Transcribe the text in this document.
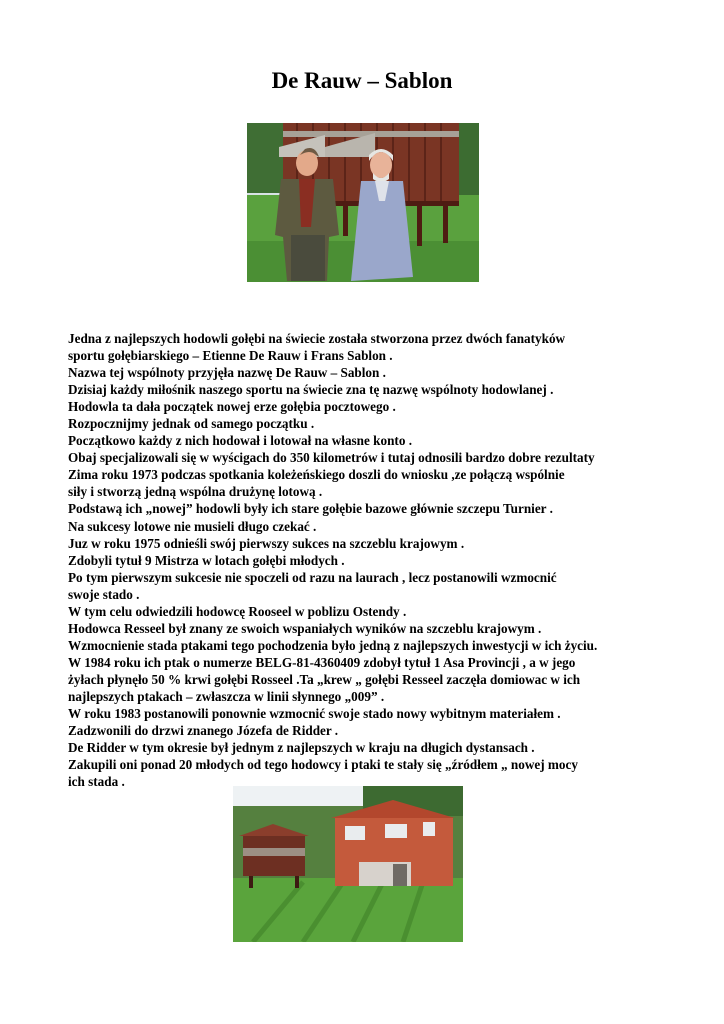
De Rauw – Sablon
Jedna z najlepszych hodowli gołębi na świecie została stworzona przez dwóch fanatyków
sportu gołębiarskiego – Etienne De Rauw i Frans Sablon .
Nazwa tej wspólnoty przyjęła nazwę De Rauw – Sablon .
Dzisiaj każdy miłośnik naszego sportu na świecie zna tę nazwę wspólnoty hodowlanej .
Hodowla ta dała początek nowej erze gołębia pocztowego .
Rozpocznijmy jednak od samego początku .
Początkowo każdy z nich hodował i lotował na własne konto .
Obaj specjalizowali się w wyścigach do 350 kilometrów i tutaj odnosili bardzo dobre rezultaty
Zima roku 1973 podczas spotkania koleżeńskiego doszli do wniosku ,ze połączą wspólnie
siły i stworzą jedną wspólna drużynę lotową .
Podstawą ich „nowej” hodowli były ich stare gołębie bazowe głównie szczepu Turnier .
Na sukcesy lotowe nie musieli długo czekać .
Juz w roku 1975 odnieśli swój pierwszy sukces na szczeblu krajowym .
Zdobyli tytuł 9 Mistrza w lotach gołębi młodych .
Po tym pierwszym sukcesie nie spoczeli od razu na laurach , lecz postanowili wzmocnić
swoje stado .
W tym celu odwiedzili hodowcę Rooseel w poblizu Ostendy .
Hodowca Resseel był znany ze swoich wspaniałych wyników na szczeblu krajowym .
Wzmocnienie stada ptakami tego pochodzenia było jedną z najlepszych inwestycji w ich życiu.
W 1984 roku ich ptak o numerze BELG-81-4360409 zdobył tytuł 1 Asa Provincji , a w jego
żyłach płynęło 50 % krwi gołębi Rosseel .Ta „krew „ gołębi Resseel zaczęła domiowac w ich
najlepszych ptakach – zwłaszcza w linii słynnego „009” .
W roku 1983 postanowili ponownie wzmocnić swoje stado nowy wybitnym materiałem .
Zadzwonili do drzwi znanego Józefa de Ridder .
De Ridder w tym okresie był jednym z najlepszych w kraju na długich dystansach .
Zakupili oni ponad 20 młodych od tego hodowcy i ptaki te stały się „źródłem „ nowej mocy
ich stada .
